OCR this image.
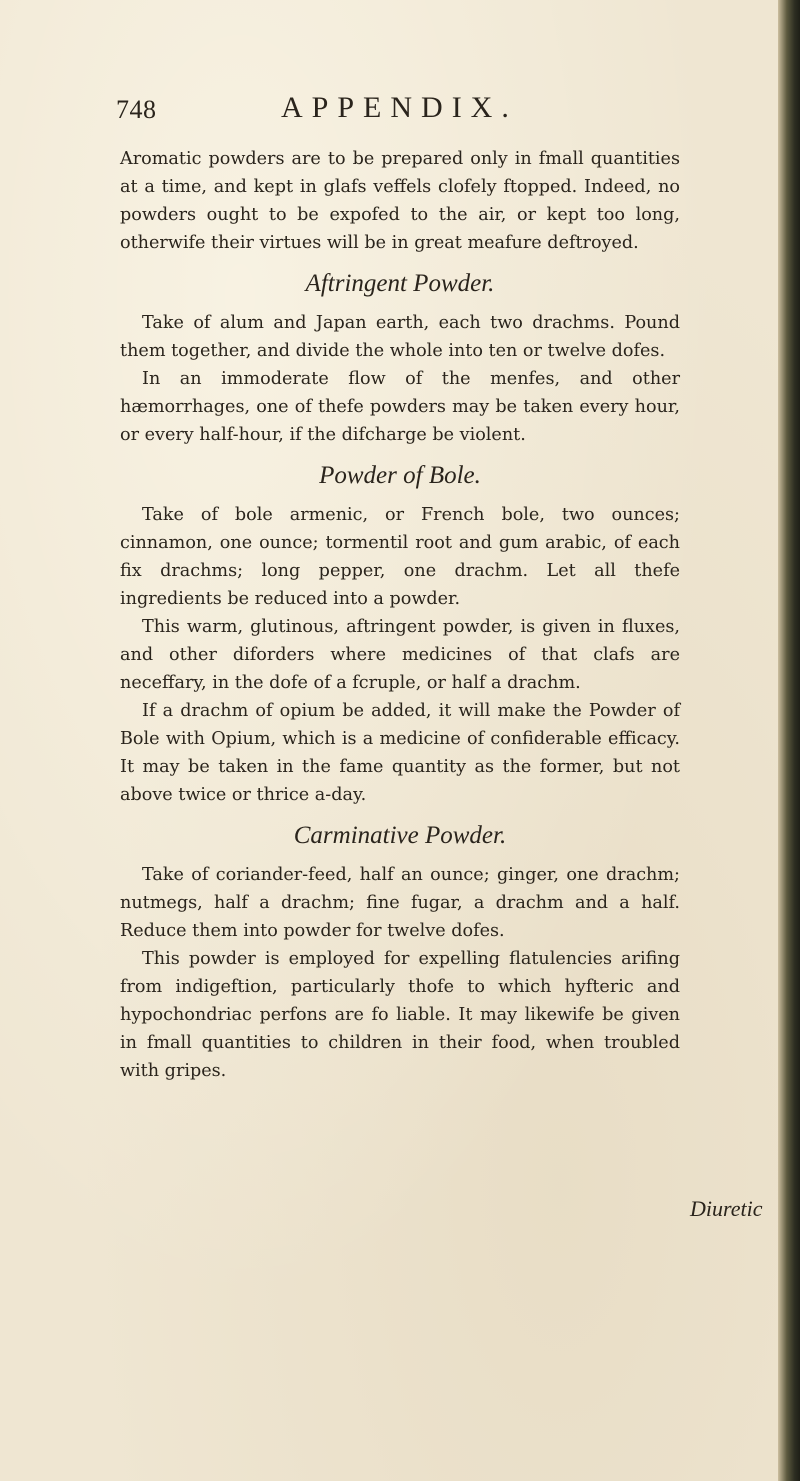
748	APPENDIX.

Aromatic powders are to be prepared only in fmall quantities at a time, and kept in glafs veffels clofely ftopped. Indeed, no powders ought to be expofed to the air, or kept too long, otherwife their virtues will be in great meafure deftroyed.

Aftringent Powder.

Take of alum and Japan earth, each two drachms. Pound them together, and divide the whole into ten or twelve dofes.

In an immoderate flow of the menfes, and other hæmorrhages, one of thefe powders may be taken every hour, or every half-hour, if the difcharge be violent.

Powder of Bole.

Take of bole armenic, or French bole, two ounces; cinnamon, one ounce; tormentil root and gum arabic, of each fix drachms; long pepper, one drachm. Let all thefe ingredients be reduced into a powder.

This warm, glutinous, aftringent powder, is given in fluxes, and other diforders where medicines of that clafs are neceffary, in the dofe of a fcruple, or half a drachm.

If a drachm of opium be added, it will make the Powder of Bole with Opium, which is a medicine of confiderable efficacy. It may be taken in the fame quantity as the former, but not above twice or thrice a-day.

Carminative Powder.

Take of coriander-feed, half an ounce; ginger, one drachm; nutmegs, half a drachm; fine fugar, a drachm and a half. Reduce them into powder for twelve dofes.

This powder is employed for expelling flatulencies arifing from indigeftion, particularly thofe to which hyfteric and hypochondriac perfons are fo liable. It may likewife be given in fmall quantities to children in their food, when troubled with gripes.

Diuretic
